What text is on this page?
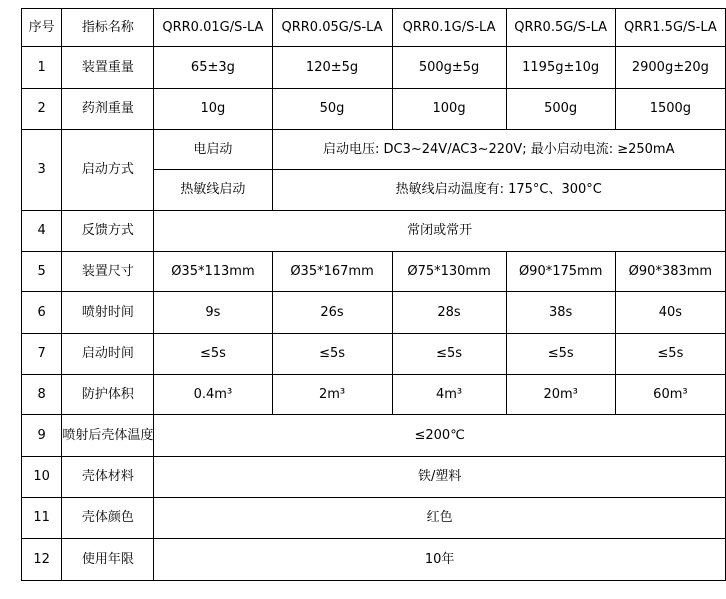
序号	指标名称	QRR0.01G/S-LA	QRR0.05G/S-LA	QRR0.1G/S-LA	QRR0.5G/S-LA	QRR1.5G/S-LA
1	装置重量	65±3g	120±5g	500g±5g	1195g±10g	2900g±20g
2	药剂重量	10g	50g	100g	500g	1500g
3	启动方式	电启动	启动电压: DC3~24V/AC3~220V; 最小启动电流: ≥250mA			
		热敏线启动	热敏线启动温度有: 175°C、300°C			
4	反馈方式	常闭或常开				
5	装置尺寸	Ø35*113mm	Ø35*167mm	Ø75*130mm	Ø90*175mm	Ø90*383mm
6	喷射时间	9s	26s	28s	38s	40s
7	启动时间	≤5s	≤5s	≤5s	≤5s	≤5s
8	防护体积	0.4m³	2m³	4m³	20m³	60m³
9	喷射后壳体温度	≤200℃				
10	壳体材料	铁/塑料				
11	壳体颜色	红色				
12	使用年限	10年				
